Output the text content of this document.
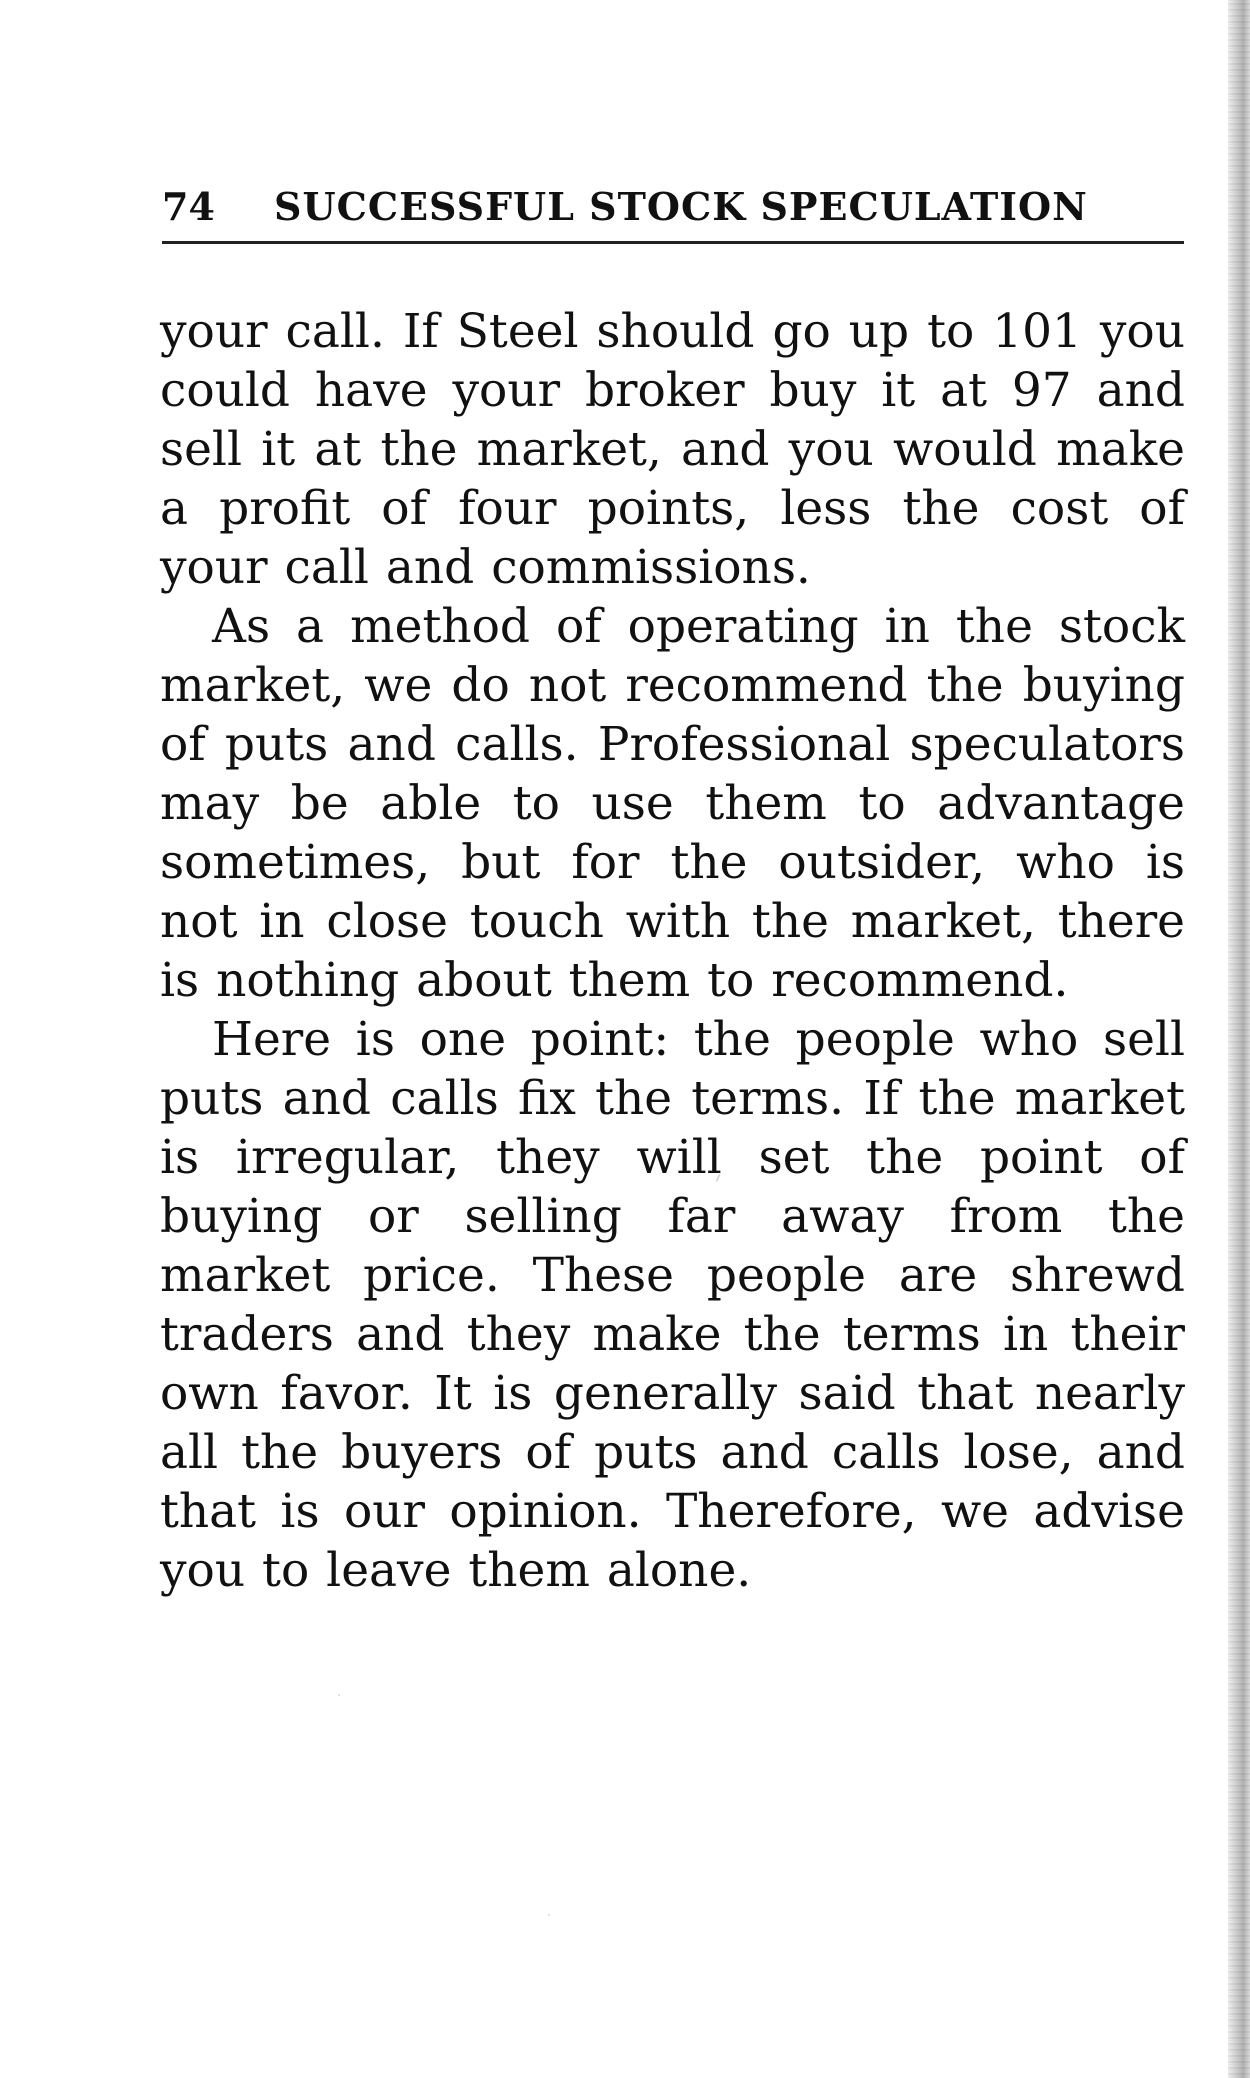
74 SUCCESSFUL STOCK SPECULATION

your call. If Steel should go up to 101 you could have your broker buy it at 97 and sell it at the market, and you would make a profit of four points, less the cost of your call and commissions.

As a method of operating in the stock market, we do not recommend the buying of puts and calls. Professional speculators may be able to use them to advantage sometimes, but for the outsider, who is not in close touch with the market, there is nothing about them to recommend.

Here is one point: the people who sell puts and calls fix the terms. If the market is irregular, they will set the point of buying or selling far away from the market price. These people are shrewd traders and they make the terms in their own favor. It is generally said that nearly all the buyers of puts and calls lose, and that is our opinion. Therefore, we advise you to leave them alone.
